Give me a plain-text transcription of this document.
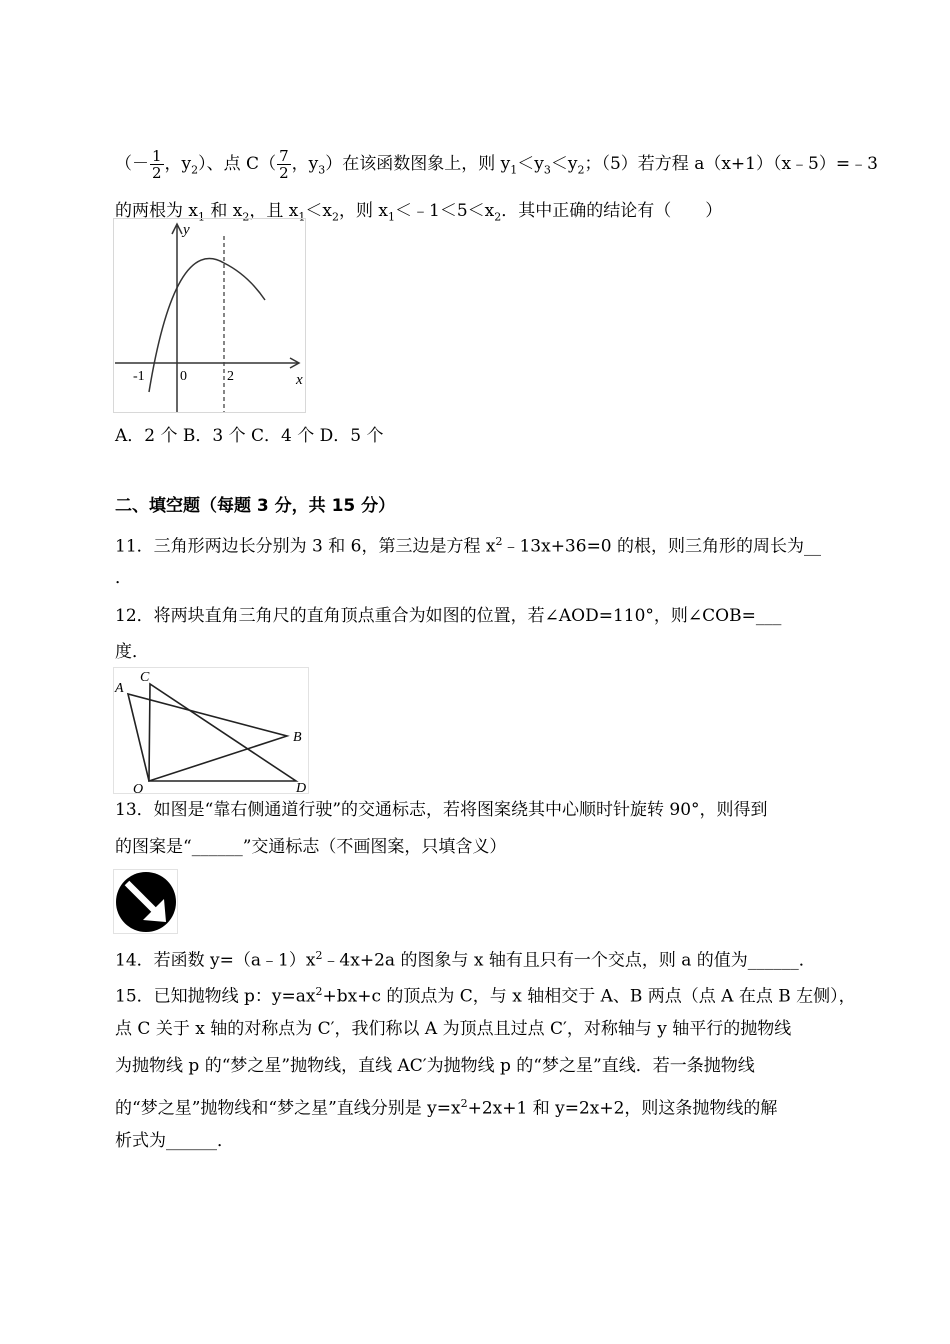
（－ $\frac{1}{2}$ ，$y_2$）、点 $C( \frac{7}{2}$ ，$y_3$）在该函数图象上，则 $y_1<y_3<y_2$；（5）若方程 a（x+1）（x﹣5）=﹣3
的两根为 $x_1$ 和 $x_2$，且 $x_1<x_2$，则 $x_1<﹣1<5<x_2$．其中正确的结论有（　　）
y
x
-1	0	2
A．2 个 B．3 个 C．4 个 D．5 个
二、填空题（每题 3 分，共 15 分）
11．三角形两边长分别为 3 和 6，第三边是方程 $x^2﹣13x+36=0$ 的根，则三角形的周长为__
．
12．将两块直角三角尺的直角顶点重合为如图的位置，若∠AOD=110°，则∠COB=___
度．
A
C
B
O	D
13．如图是“靠右侧通道行驶”的交通标志，若将图案绕其中心顺时针旋转 90°，则得到
的图案是“______”交通标志（不画图案，只填含义）
14．若函数 $y=(a﹣1)x^2﹣4x+2a$ 的图象与 x 轴有且只有一个交点，则 a 的值为______．
15．已知抛物线 p：$y=ax^2+bx+c$ 的顶点为 C，与 x 轴相交于 A、B 两点（点 A 在点 B 左侧），
点 C 关于 x 轴的对称点为 C′，我们称以 A 为顶点且过点 C′，对称轴与 y 轴平行的抛物线
为抛物线 p 的“梦之星”抛物线，直线 AC′为抛物线 p 的“梦之星”直线．若一条抛物线
的“梦之星”抛物线和“梦之星”直线分别是 $y=x^2+2x+1$ 和 y=2x+2，则这条抛物线的解
析式为______．
